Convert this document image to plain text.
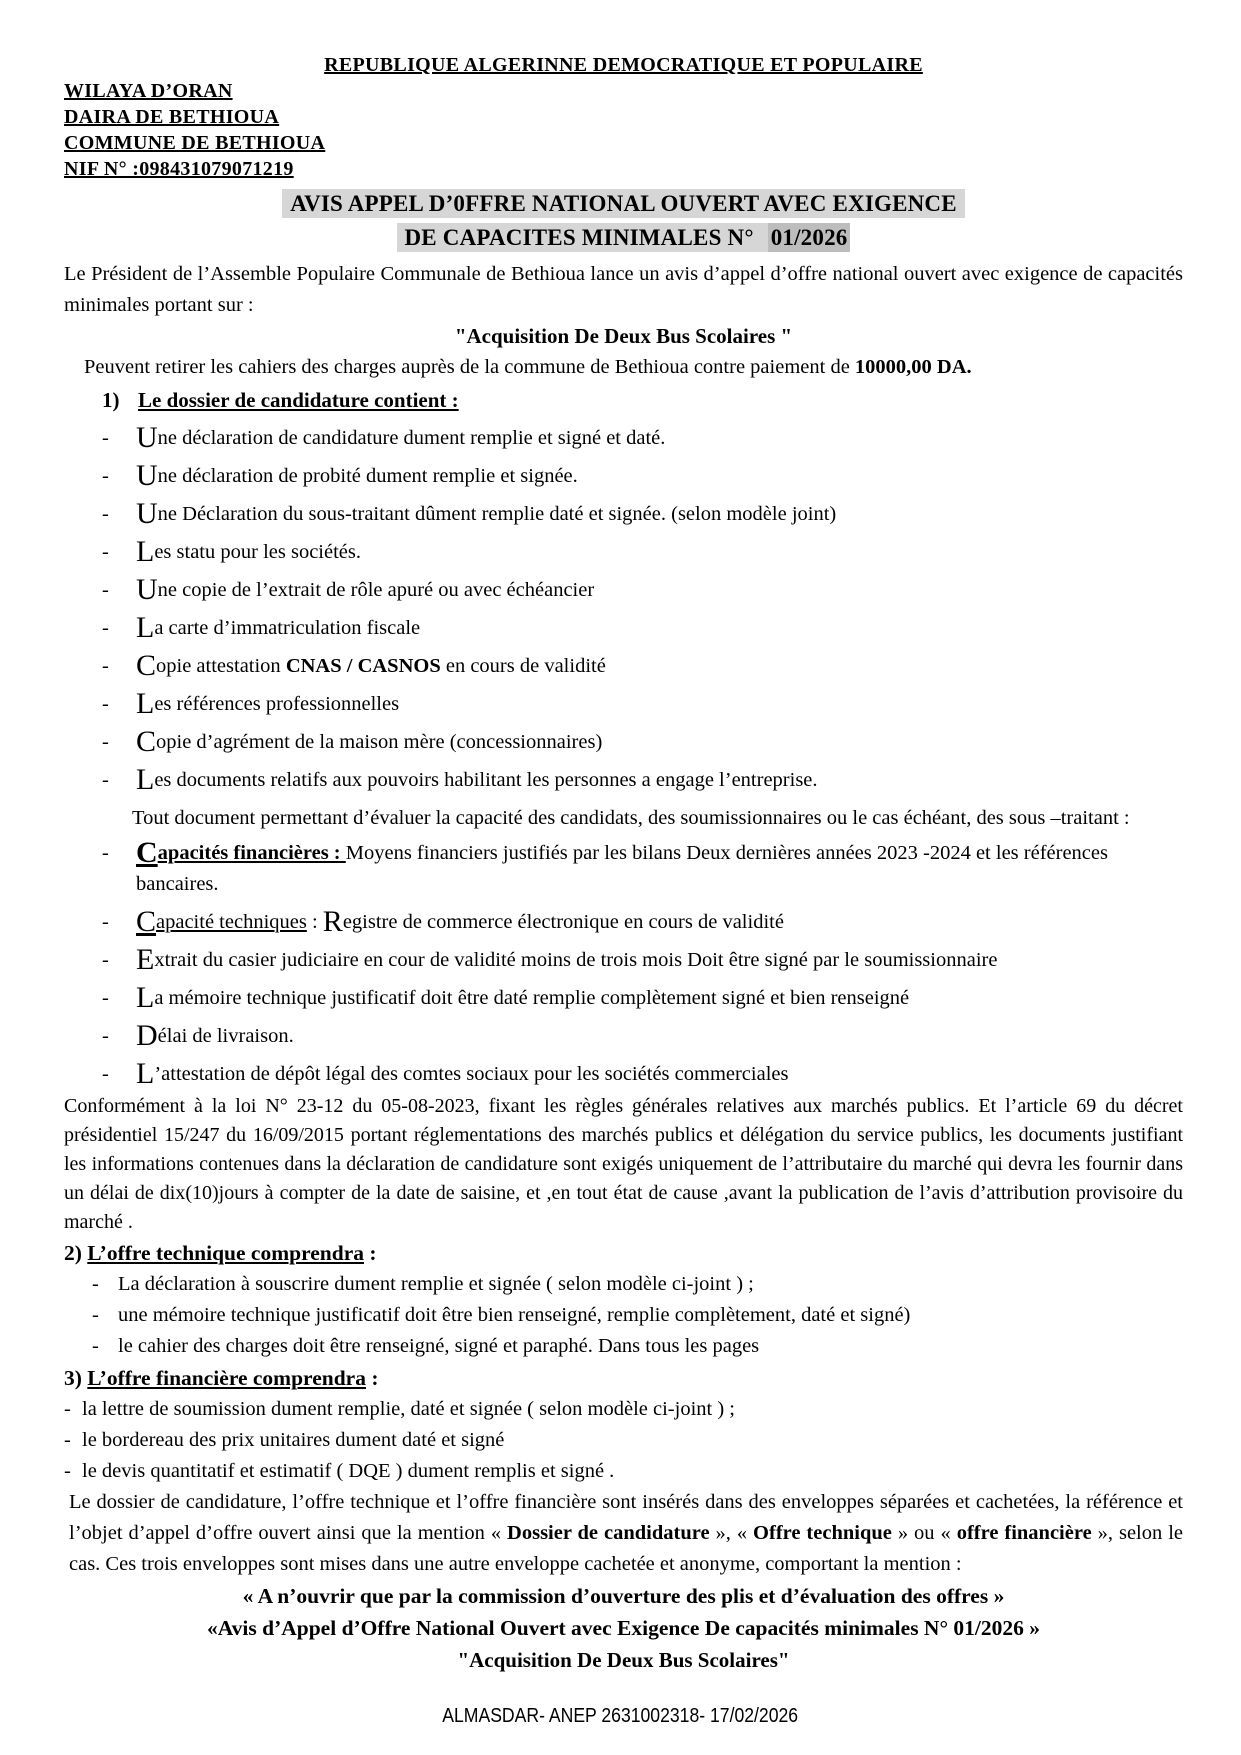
REPUBLIQUE ALGERINNE DEMOCRATIQUE ET POPULAIRE
WILAYA D’ORAN
DAIRA DE BETHIOUA
COMMUNE DE BETHIOUA
NIF N° :098431079071219
AVIS APPEL D’0FFRE NATIONAL OUVERT AVEC EXIGENCE
DE CAPACITES MINIMALES N° 01/2026
Le Président de l’Assemble Populaire Communale de Bethioua lance un avis d’appel d’offre national ouvert avec exigence de capacités minimales portant sur :
"Acquisition De Deux Bus Scolaires "
Peuvent retirer les cahiers des charges auprès de la commune de Bethioua contre paiement de 10000,00 DA.
1) Le dossier de candidature contient :
- Une déclaration de candidature dument remplie et signé et daté.
- Une déclaration de probité dument remplie et signée.
- Une Déclaration du sous-traitant dûment remplie daté et signée. (selon modèle joint)
- Les statu pour les sociétés.
- Une copie de l’extrait de rôle apuré ou avec échéancier
- La carte d’immatriculation fiscale
- Copie attestation CNAS / CASNOS en cours de validité
- Les références professionnelles
- Copie d’agrément de la maison mère (concessionnaires)
- Les documents relatifs aux pouvoirs habilitant les personnes a engage l’entreprise.
Tout document permettant d’évaluer la capacité des candidats, des soumissionnaires ou le cas échéant, des sous –traitant :
- Capacités financières : Moyens financiers justifiés par les bilans Deux dernières années 2023 -2024 et les références bancaires.
- Capacité techniques : Registre de commerce électronique en cours de validité
- Extrait du casier judiciaire en cour de validité moins de trois mois Doit être signé par le soumissionnaire
- La mémoire technique justificatif doit être daté remplie complètement signé et bien renseigné
- Délai de livraison.
- L’attestation de dépôt légal des comtes sociaux pour les sociétés commerciales
Conformément à la loi N° 23-12 du 05-08-2023, fixant les règles générales relatives aux marchés publics. Et l’article 69 du décret présidentiel 15/247 du 16/09/2015 portant réglementations des marchés publics et délégation du service publics, les documents justifiant les informations contenues dans la déclaration de candidature sont exigés uniquement de l’attributaire du marché qui devra les fournir dans un délai de dix(10)jours à compter de la date de saisine, et ,en tout état de cause ,avant la publication de l’avis d’attribution provisoire du marché .
2) L’offre technique comprendra :
- La déclaration à souscrire dument remplie et signée ( selon modèle ci-joint ) ;
- une mémoire technique justificatif doit être bien renseigné, remplie complètement, daté et signé)
- le cahier des charges doit être renseigné, signé et paraphé. Dans tous les pages
3) L’offre financière comprendra :
- la lettre de soumission dument remplie, daté et signée ( selon modèle ci-joint ) ;
- le bordereau des prix unitaires dument daté et signé
- le devis quantitatif et estimatif ( DQE ) dument remplis et signé .
Le dossier de candidature, l’offre technique et l’offre financière sont insérés dans des enveloppes séparées et cachetées, la référence et l’objet d’appel d’offre ouvert ainsi que la mention « Dossier de candidature », « Offre technique » ou « offre financière », selon le cas. Ces trois enveloppes sont mises dans une autre enveloppe cachetée et anonyme, comportant la mention :
« A n’ouvrir que par la commission d’ouverture des plis et d’évaluation des offres »
«Avis d’Appel d’Offre National Ouvert avec Exigence De capacités minimales N° 01/2026 »
"Acquisition De Deux Bus Scolaires"
ALMASDAR- ANEP 2631002318- 17/02/2026
